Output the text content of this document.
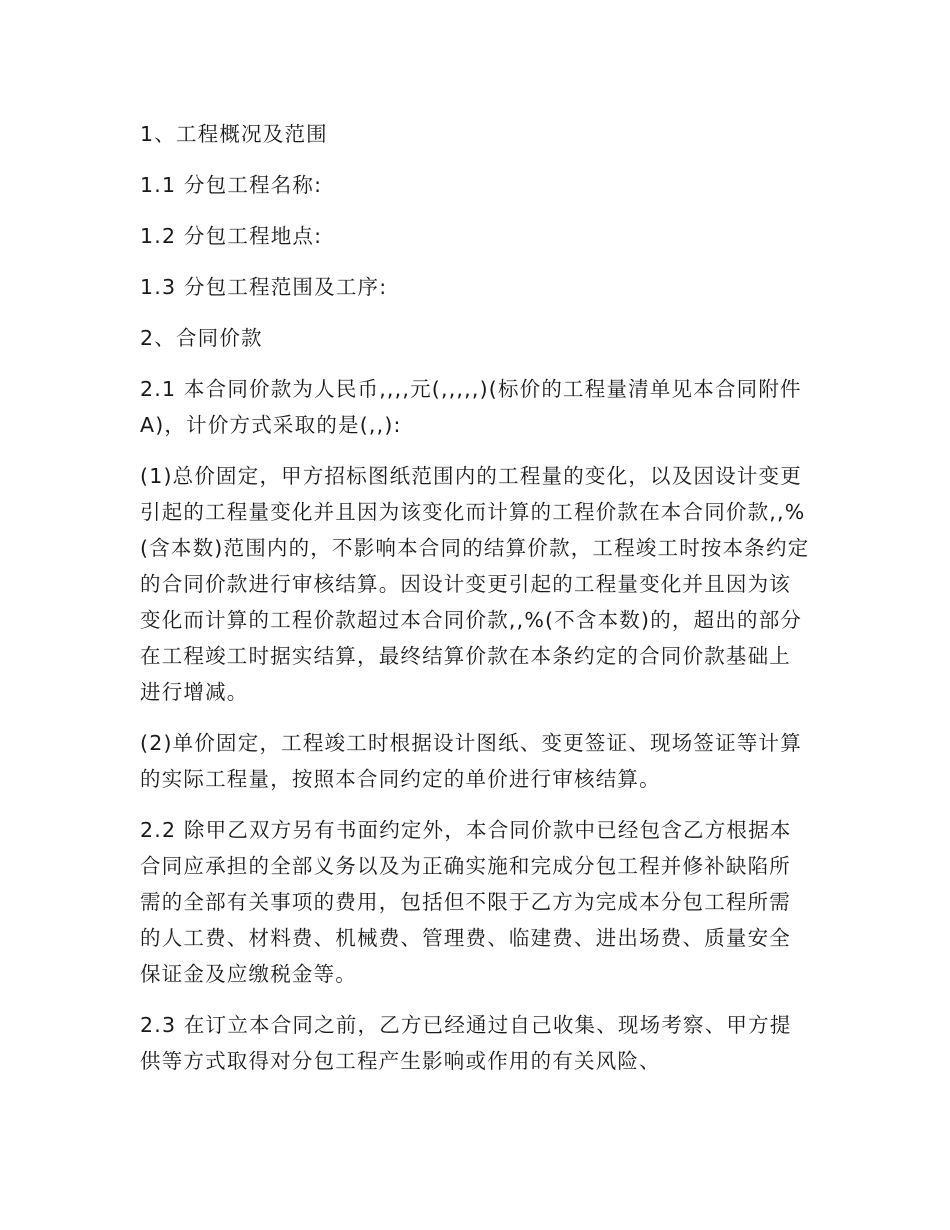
1、工程概况及范围

1.1 分包工程名称:

1.2 分包工程地点:

1.3 分包工程范围及工序:

2、合同价款

2.1 本合同价款为人民币,,,,元(,,,,,)(标价的工程量清单见本合同附件 A)，计价方式采取的是(,,):

(1)总价固定，甲方招标图纸范围内的工程量的变化，以及因设计变更引起的工程量变化并且因为该变化而计算的工程价款在本合同价款,,%(含本数)范围内的，不影响本合同的结算价款，工程竣工时按本条约定的合同价款进行审核结算。因设计变更引起的工程量变化并且因为该变化而计算的工程价款超过本合同价款,,%(不含本数)的，超出的部分在工程竣工时据实结算，最终结算价款在本条约定的合同价款基础上进行增减。

(2)单价固定，工程竣工时根据设计图纸、变更签证、现场签证等计算的实际工程量，按照本合同约定的单价进行审核结算。

2.2 除甲乙双方另有书面约定外，本合同价款中已经包含乙方根据本合同应承担的全部义务以及为正确实施和完成分包工程并修补缺陷所需的全部有关事项的费用，包括但不限于乙方为完成本分包工程所需的人工费、材料费、机械费、管理费、临建费、进出场费、质量安全保证金及应缴税金等。

2.3 在订立本合同之前，乙方已经通过自己收集、现场考察、甲方提供等方式取得对分包工程产生影响或作用的有关风险、
